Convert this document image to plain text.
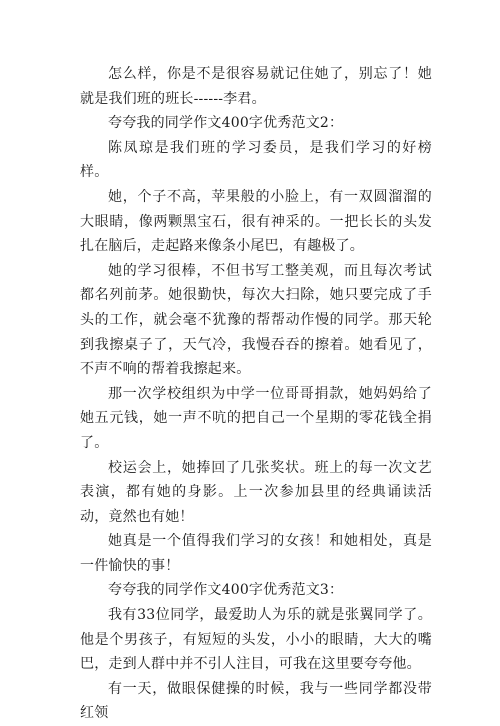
怎么样，你是不是很容易就记住她了，别忘了！她就是我们班的班长------李君。

夸夸我的同学作文400字优秀范文2：

陈凤琼是我们班的学习委员，是我们学习的好榜样。

她，个子不高，苹果般的小脸上，有一双圆溜溜的大眼睛，像两颗黑宝石，很有神采的。一把长长的头发扎在脑后，走起路来像条小尾巴，有趣极了。

她的学习很棒，不但书写工整美观，而且每次考试都名列前茅。她很勤快，每次大扫除，她只要完成了手头的工作，就会毫不犹豫的帮帮动作慢的同学。那天轮到我擦桌子了，天气冷，我慢吞吞的擦着。她看见了，不声不响的帮着我擦起来。

那一次学校组织为中学一位哥哥捐款，她妈妈给了她五元钱，她一声不吭的把自己一个星期的零花钱全捐了。

校运会上，她捧回了几张奖状。班上的每一次文艺表演，都有她的身影。上一次参加县里的经典诵读活动，竟然也有她！

她真是一个值得我们学习的女孩！和她相处，真是一件愉快的事！

夸夸我的同学作文400字优秀范文3：

我有33位同学，最爱助人为乐的就是张翼同学了。他是个男孩子，有短短的头发，小小的眼睛，大大的嘴巴，走到人群中并不引人注目，可我在这里要夸夸他。

有一天，做眼保健操的时候，我与一些同学都没带红领
